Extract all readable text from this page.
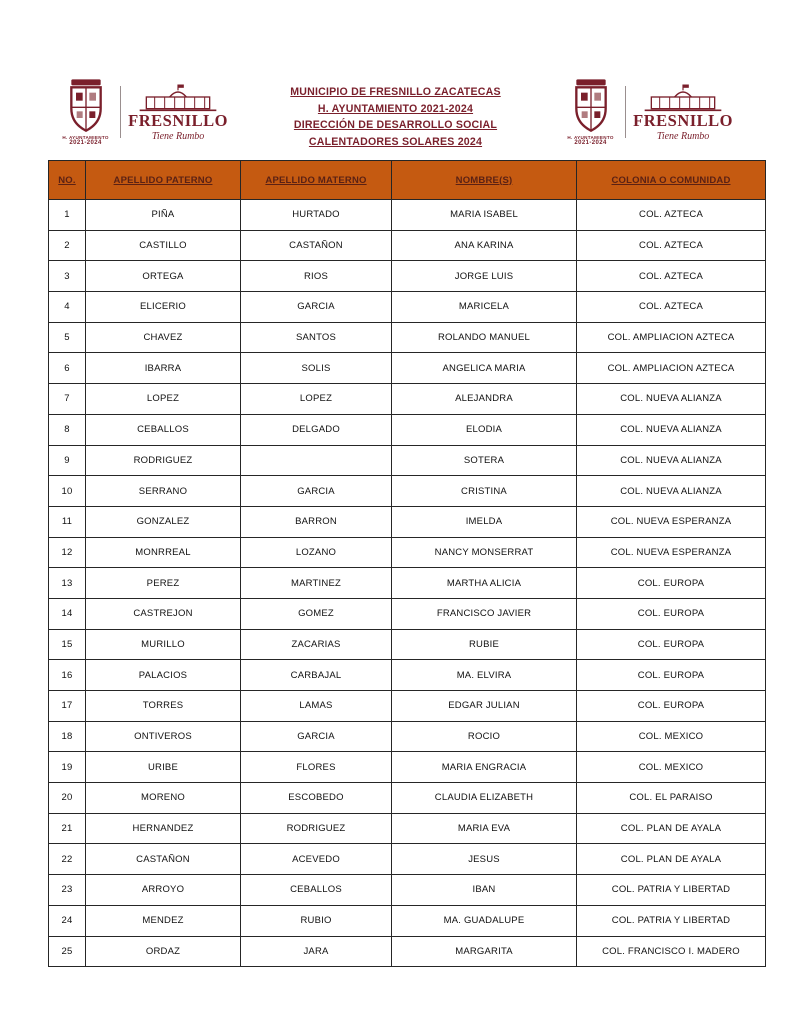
H. AYUNTAMIENTO
2021-2024
FRESNILLO
Tiene Rumbo
MUNICIPIO DE FRESNILLO ZACATECAS
H. AYUNTAMIENTO 2021-2024
DIRECCIÓN DE DESARROLLO SOCIAL
CALENTADORES SOLARES 2024	H. AYUNTAMIENTO
2021-2024
FRESNILLO
Tiene Rumbo
NO.	APELLIDO PATERNO	APELLIDO MATERNO	NOMBRE(S)	COLONIA O COMUNIDAD
1	PIÑA	HURTADO	MARIA ISABEL	COL. AZTECA
2	CASTILLO	CASTAÑON	ANA KARINA	COL. AZTECA
3	ORTEGA	RIOS	JORGE LUIS	COL. AZTECA
4	ELICERIO	GARCIA	MARICELA	COL. AZTECA
5	CHAVEZ	SANTOS	ROLANDO MANUEL	COL. AMPLIACION AZTECA
6	IBARRA	SOLIS	ANGELICA MARIA	COL. AMPLIACION AZTECA
7	LOPEZ	LOPEZ	ALEJANDRA	COL. NUEVA ALIANZA
8	CEBALLOS	DELGADO	ELODIA	COL. NUEVA ALIANZA
9	RODRIGUEZ		SOTERA	COL. NUEVA ALIANZA
10	SERRANO	GARCIA	CRISTINA	COL. NUEVA ALIANZA
11	GONZALEZ	BARRON	IMELDA	COL. NUEVA ESPERANZA
12	MONRREAL	LOZANO	NANCY MONSERRAT	COL. NUEVA ESPERANZA
13	PEREZ	MARTINEZ	MARTHA ALICIA	COL. EUROPA
14	CASTREJON	GOMEZ	FRANCISCO JAVIER	COL. EUROPA
15	MURILLO	ZACARIAS	RUBIE	COL. EUROPA
16	PALACIOS	CARBAJAL	MA. ELVIRA	COL. EUROPA
17	TORRES	LAMAS	EDGAR JULIAN	COL. EUROPA
18	ONTIVEROS	GARCIA	ROCIO	COL. MEXICO
19	URIBE	FLORES	MARIA ENGRACIA	COL. MEXICO
20	MORENO	ESCOBEDO	CLAUDIA ELIZABETH	COL. EL PARAISO
21	HERNANDEZ	RODRIGUEZ	MARIA EVA	COL. PLAN DE AYALA
22	CASTAÑON	ACEVEDO	JESUS	COL. PLAN DE AYALA
23	ARROYO	CEBALLOS	IBAN	COL. PATRIA Y LIBERTAD
24	MENDEZ	RUBIO	MA. GUADALUPE	COL. PATRIA Y LIBERTAD
25	ORDAZ	JARA	MARGARITA	COL. FRANCISCO I. MADERO
